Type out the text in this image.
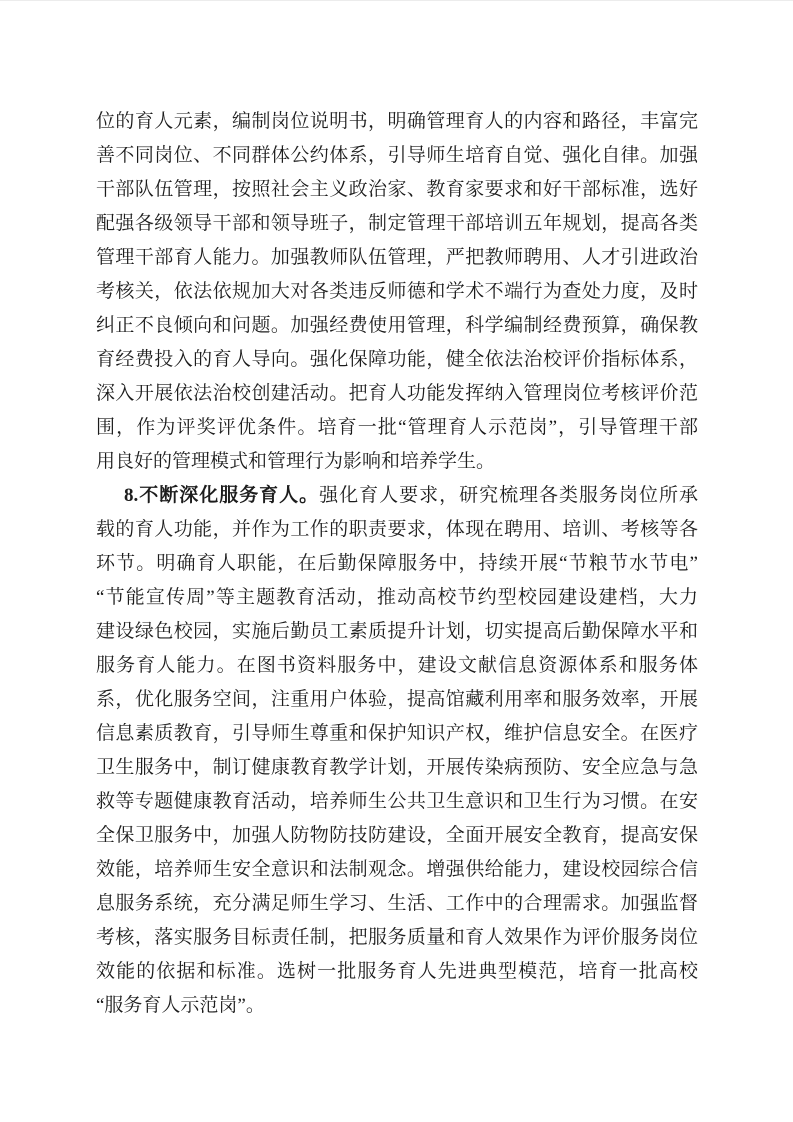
位的育人元素，编制岗位说明书，明确管理育人的内容和路径，丰富完
善不同岗位、不同群体公约体系，引导师生培育自觉、强化自律。加强
干部队伍管理，按照社会主义政治家、教育家要求和好干部标准，选好
配强各级领导干部和领导班子，制定管理干部培训五年规划，提高各类
管理干部育人能力。加强教师队伍管理，严把教师聘用、人才引进政治
考核关，依法依规加大对各类违反师德和学术不端行为查处力度，及时
纠正不良倾向和问题。加强经费使用管理，科学编制经费预算，确保教
育经费投入的育人导向。强化保障功能，健全依法治校评价指标体系，
深入开展依法治校创建活动。把育人功能发挥纳入管理岗位考核评价范
围，作为评奖评优条件。培育一批“管理育人示范岗”，引导管理干部
用良好的管理模式和管理行为影响和培养学生。
8.不断深化服务育人。强化育人要求，研究梳理各类服务岗位所承
载的育人功能，并作为工作的职责要求，体现在聘用、培训、考核等各
环节。明确育人职能，在后勤保障服务中，持续开展“节粮节水节电”
“节能宣传周”等主题教育活动，推动高校节约型校园建设建档，大力
建设绿色校园，实施后勤员工素质提升计划，切实提高后勤保障水平和
服务育人能力。在图书资料服务中，建设文献信息资源体系和服务体
系，优化服务空间，注重用户体验，提高馆藏利用率和服务效率，开展
信息素质教育，引导师生尊重和保护知识产权，维护信息安全。在医疗
卫生服务中，制订健康教育教学计划，开展传染病预防、安全应急与急
救等专题健康教育活动，培养师生公共卫生意识和卫生行为习惯。在安
全保卫服务中，加强人防物防技防建设，全面开展安全教育，提高安保
效能，培养师生安全意识和法制观念。增强供给能力，建设校园综合信
息服务系统，充分满足师生学习、生活、工作中的合理需求。加强监督
考核，落实服务目标责任制，把服务质量和育人效果作为评价服务岗位
效能的依据和标准。选树一批服务育人先进典型模范，培育一批高校
“服务育人示范岗”。
